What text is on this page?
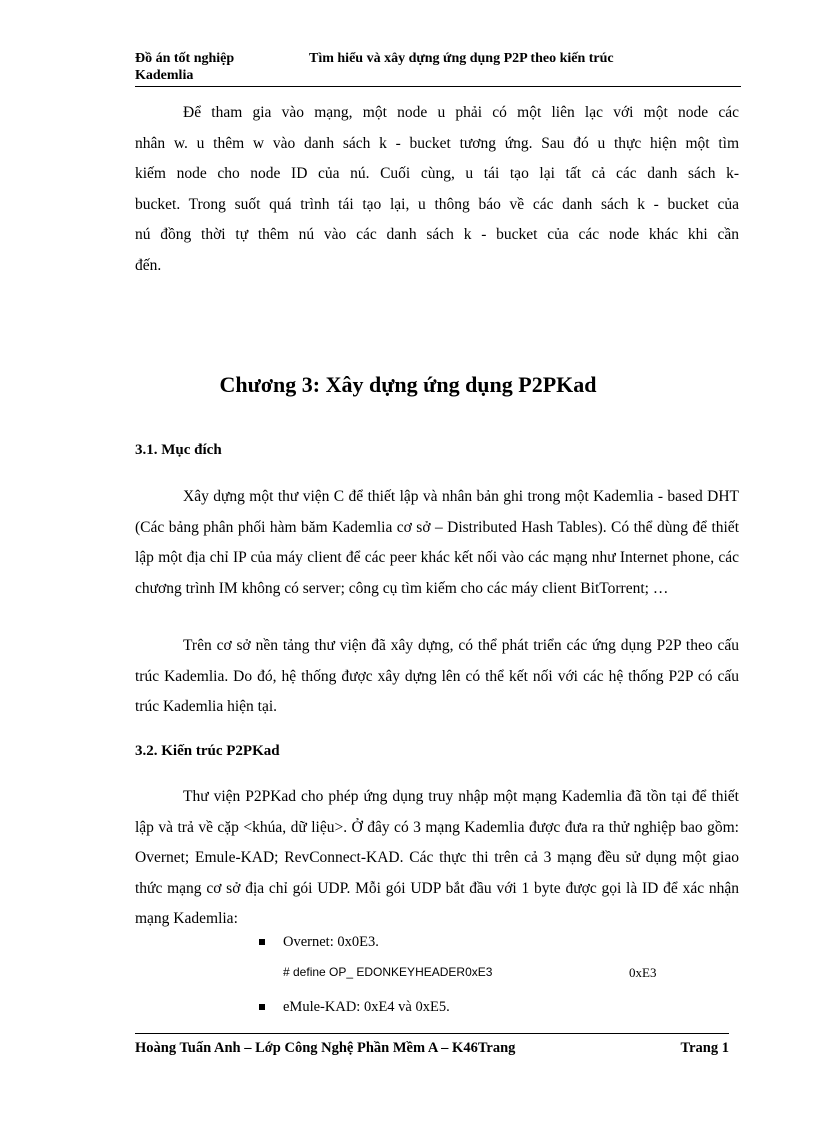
Đồ án tốt nghiệp
Kademlia
Tìm hiểu và xây dựng ứng dụng P2P theo kiến trúc
Để tham gia vào mạng, một node u phải có một liên lạc với một node các
nhân w. u thêm w vào danh sách k - bucket tương ứng. Sau đó u thực hiện một tìm
kiếm node cho node ID của nú. Cuối cùng, u tái tạo lại tất cả các danh sách k-
bucket. Trong suốt quá trình tái tạo lại, u thông báo về các danh sách k - bucket của
nú đồng thời tự thêm nú vào các danh sách k - bucket của các node khác khi cần
đến.
Chương 3: Xây dựng ứng dụng P2PKad
3.1. Mục đích

Xây dựng một thư viện C để thiết lập và nhân bản ghi trong một Kademlia - based DHT (Các bảng phân phối hàm băm Kademlia cơ sở – Distributed Hash Tables). Có thể dùng để thiết lập một địa chỉ IP của máy client để các peer khác kết nối vào các mạng như Internet phone, các chương trình IM không có server; công cụ tìm kiếm cho các máy client BitTorrent; …

Trên cơ sở nền tảng thư viện đã xây dựng, có thể phát triển các ứng dụng P2P theo cấu trúc Kademlia. Do đó, hệ thống được xây dựng lên có thể kết nối với các hệ thống P2P có cấu trúc Kademlia hiện tại.

3.2. Kiến trúc P2PKad

Thư viện P2PKad cho phép ứng dụng truy nhập một mạng Kademlia đã tồn tại để thiết lập và trả về cặp <khúa, dữ liệu>. Ở đây có 3 mạng Kademlia được đưa ra thử nghiệp bao gồm: Overnet; Emule-KAD; RevConnect-KAD. Các thực thi trên cả 3 mạng đều sử dụng một giao thức mạng cơ sở địa chỉ gói UDP. Mỗi gói UDP bắt đầu với 1 byte được gọi là ID để xác nhận mạng Kademlia:

Overnet: 0x0E3.
# define OP_ EDONKEYHEADER0xE3	0xE3
eMule-KAD: 0xE4 và 0xE5.
Hoàng Tuấn Anh – Lớp Công Nghệ Phần Mềm A – K46Trang	Trang 1
